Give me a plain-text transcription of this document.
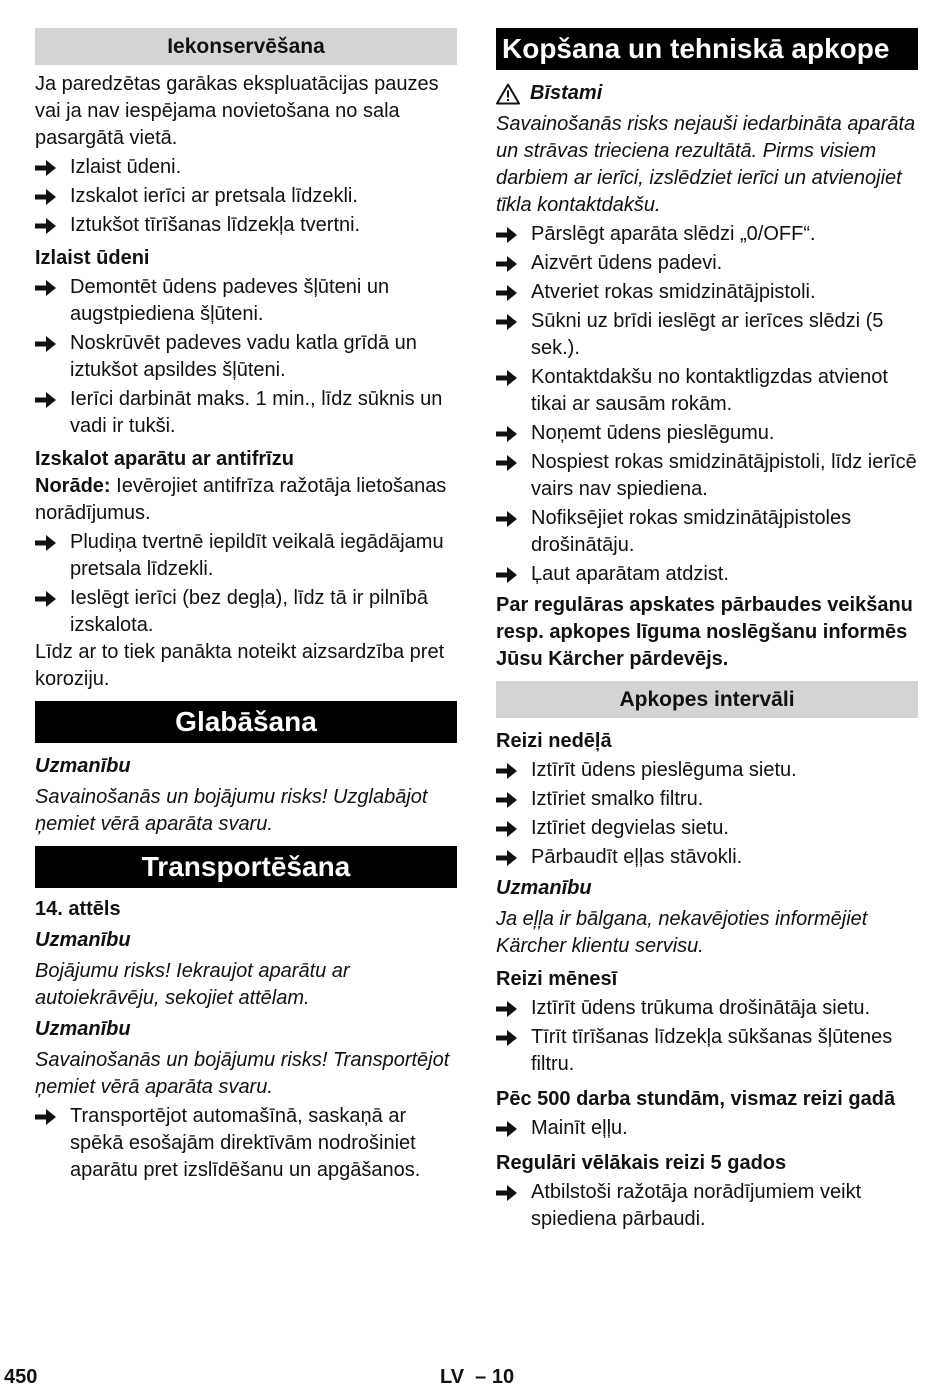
Iekonservēšana

Ja paredzētas garākas ekspluatācijas pauzes vai ja nav iespējama novietošana no sala pasargātā vietā.

Izlaist ūdeni.
Izskalot ierīci ar pretsala līdzekli.
Iztukšot tīrīšanas līdzekļa tvertni.

Izlaist ūdeni

Demontēt ūdens padeves šļūteni un augstpiediena šļūteni.
Noskrūvēt padeves vadu katla grīdā un iztukšot apsildes šļūteni.
Ierīci darbināt maks. 1 min., līdz sūknis un vadi ir tukši.

Izskalot aparātu ar antifrīzu

Norāde: Ievērojiet antifrīza ražotāja lietošanas norādījumus.

Pludiņa tvertnē iepildīt veikalā iegādājamu pretsala līdzekli.
Ieslēgt ierīci (bez degļa), līdz tā ir pilnībā izskalota.

Līdz ar to tiek panākta noteikt aizsardzība pret koroziju.

Glabāšana

Uzmanību

Savainošanās un bojājumu risks! Uzglabājot ņemiet vērā aparāta svaru.

Transportēšana

14. attēls

Uzmanību

Bojājumu risks! Iekraujot aparātu ar autoiekrāvēju, sekojiet attēlam.

Uzmanību

Savainošanās un bojājumu risks! Transportējot ņemiet vērā aparāta svaru.

Transportējot automašīnā, saskaņā ar spēkā esošajām direktīvām nodrošiniet aparātu pret izslīdēšanu un apgāšanos.
Kopšana un tehniskā apkope
Bīstami

Savainošanās risks nejauši iedarbināta aparāta un strāvas trieciena rezultātā. Pirms visiem darbiem ar ierīci, izslēdziet ierīci un atvienojiet tīkla kontaktdakšu.

Pārslēgt aparāta slēdzi „0/OFF“.
Aizvērt ūdens padevi.
Atveriet rokas smidzinātājpistoli.
Sūkni uz brīdi ieslēgt ar ierīces slēdzi (5 sek.).
Kontaktdakšu no kontaktligzdas atvienot tikai ar sausām rokām.
Noņemt ūdens pieslēgumu.
Nospiest rokas smidzinātājpistoli, līdz ierīcē vairs nav spiediena.
Nofiksējiet rokas smidzinātājpistoles drošinātāju.
Ļaut aparātam atdzist.

Par regulāras apskates pārbaudes veikšanu resp. apkopes līguma noslēgšanu informēs Jūsu Kärcher pārdevējs.

Apkopes intervāli

Reizi nedēļā

Iztīrīt ūdens pieslēguma sietu.
Iztīriet smalko filtru.
Iztīriet degvielas sietu.
Pārbaudīt eļļas stāvokli.

Uzmanību

Ja eļļa ir bālgana, nekavējoties informējiet Kärcher klientu servisu.

Reizi mēnesī

Iztīrīt ūdens trūkuma drošinātāja sietu.
Tīrīt tīrīšanas līdzekļa sūkšanas šļūtenes filtru.

Pēc 500 darba stundām, vismaz reizi gadā

Mainīt eļļu.

Regulāri vēlākais reizi 5 gados

Atbilstoši ražotāja norādījumiem veikt spiediena pārbaudi.
450	LV  – 10
